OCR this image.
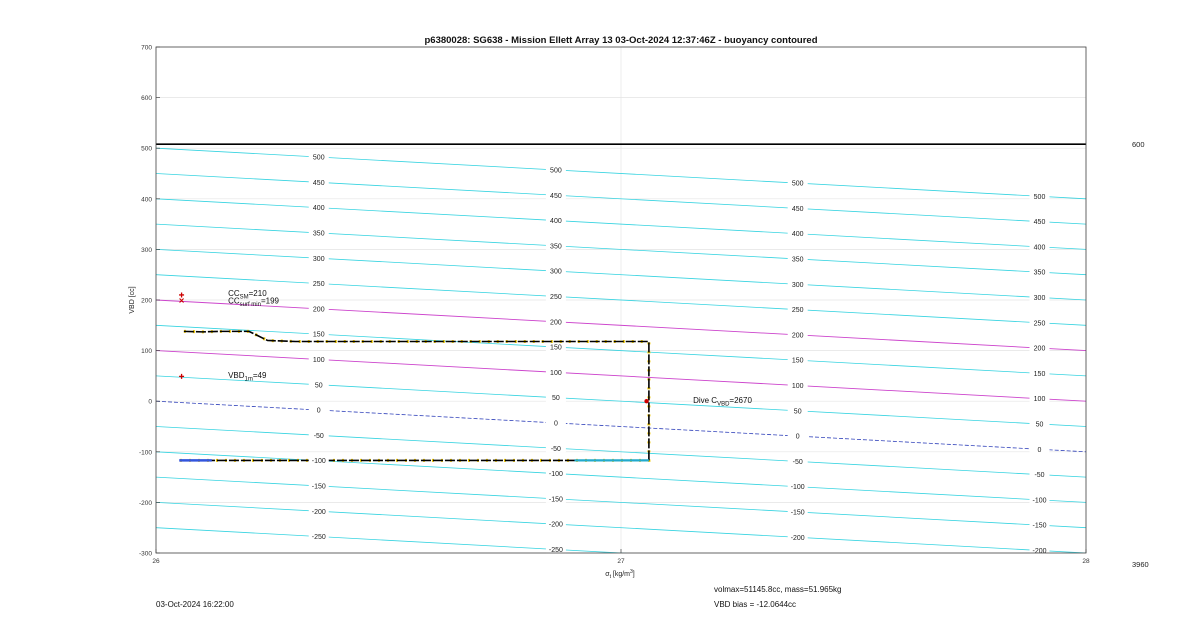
600
3960
500
450
400
350
300
250
200
150
100
50
0
-50
-100
-150
-200
-250
500
450
400
350
300
250
200
150
100
50
0
-50
-100
-150
-200
-250
500
450
400
350
300
250
200
150
100
50
0
-50
-100
-150
-200
500
450
400
350
300
250
200
150
100
50
0
-50
-100
-150
-200
$CC_{SM}=210$
$CC_{surf min}=199$
$VBD_{1m}=49$
Dive $C_{VBD}=2670$
-300
-200
-100
0
100
200
300
400
500
600
700
26	27	28
p6380028: SG638 - Mission Ellett Array 13 03-Oct-2024 12:37:46Z - buoyancy contoured
VBD [cc]
$\sigma_t$ $[kg/m^3]$
03-Oct-2024 16:22:00
volmax=51145.8cc, mass=51.965kg
VBD bias = -12.0644cc
